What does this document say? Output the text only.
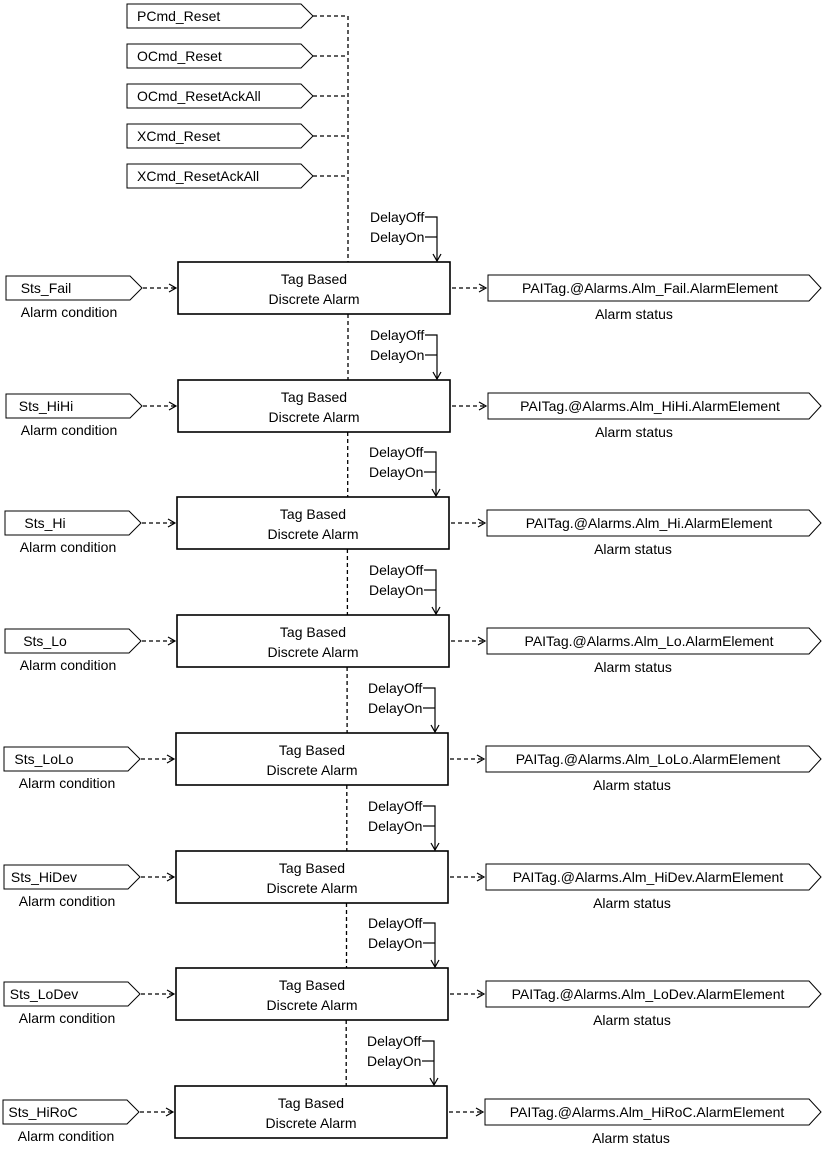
PCmd_Reset
OCmd_Reset
OCmd_ResetAckAll
XCmd_Reset
XCmd_ResetAckAll
DelayOff
DelayOn
Sts_Fail
Alarm condition
Tag Based
Discrete Alarm
PAITag.@Alarms.Alm_Fail.AlarmElement
Alarm status
DelayOff
DelayOn
Sts_HiHi
Alarm condition
Tag Based
Discrete Alarm
PAITag.@Alarms.Alm_HiHi.AlarmElement
Alarm status
DelayOff
DelayOn
Sts_Hi
Alarm condition
Tag Based
Discrete Alarm
PAITag.@Alarms.Alm_Hi.AlarmElement
Alarm status
DelayOff
DelayOn
Sts_Lo
Alarm condition
Tag Based
Discrete Alarm
PAITag.@Alarms.Alm_Lo.AlarmElement
Alarm status
DelayOff
DelayOn
Sts_LoLo
Alarm condition
Tag Based
Discrete Alarm
PAITag.@Alarms.Alm_LoLo.AlarmElement
Alarm status
DelayOff
DelayOn
Sts_HiDev
Alarm condition
Tag Based
Discrete Alarm
PAITag.@Alarms.Alm_HiDev.AlarmElement
Alarm status
DelayOff
DelayOn
Sts_LoDev
Alarm condition
Tag Based
Discrete Alarm
PAITag.@Alarms.Alm_LoDev.AlarmElement
Alarm status
DelayOff
DelayOn
Sts_HiRoC
Alarm condition
Tag Based
Discrete Alarm
PAITag.@Alarms.Alm_HiRoC.AlarmElement
Alarm status
